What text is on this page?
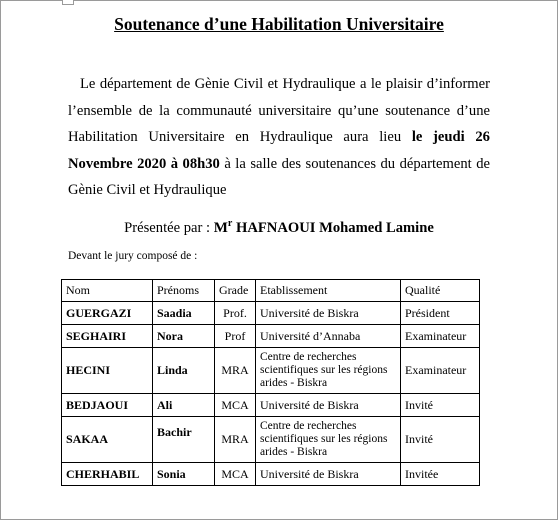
Soutenance d’une Habilitation Universitaire
Le département de Gènie Civil et Hydraulique a le plaisir d’informer l’ensemble de la communauté universitaire qu’une soutenance d’une Habilitation Universitaire en Hydraulique aura lieu le jeudi 26 Novembre 2020 à 08h30 à la salle des soutenances du département de Gènie Civil et Hydraulique
Présentée par : $M^r$ HAFNAOUI Mohamed Lamine
Devant le jury composé de :
Nom	Prénoms	Grade	Etablissement	Qualité
GUERGAZI	Saadia	Prof.	Université de Biskra	Président
SEGHAIRI	Nora	Prof	Université d’Annaba	Examinateur
HECINI	Linda	MRA	Centre de recherches scientifiques sur les régions arides - Biskra	Examinateur
BEDJAOUI	Ali	MCA	Université de Biskra	Invité
SAKAA	Bachir	MRA	Centre de recherches scientifiques sur les régions arides - Biskra	Invité
CHERHABIL	Sonia	MCA	Université de Biskra	Invitée
